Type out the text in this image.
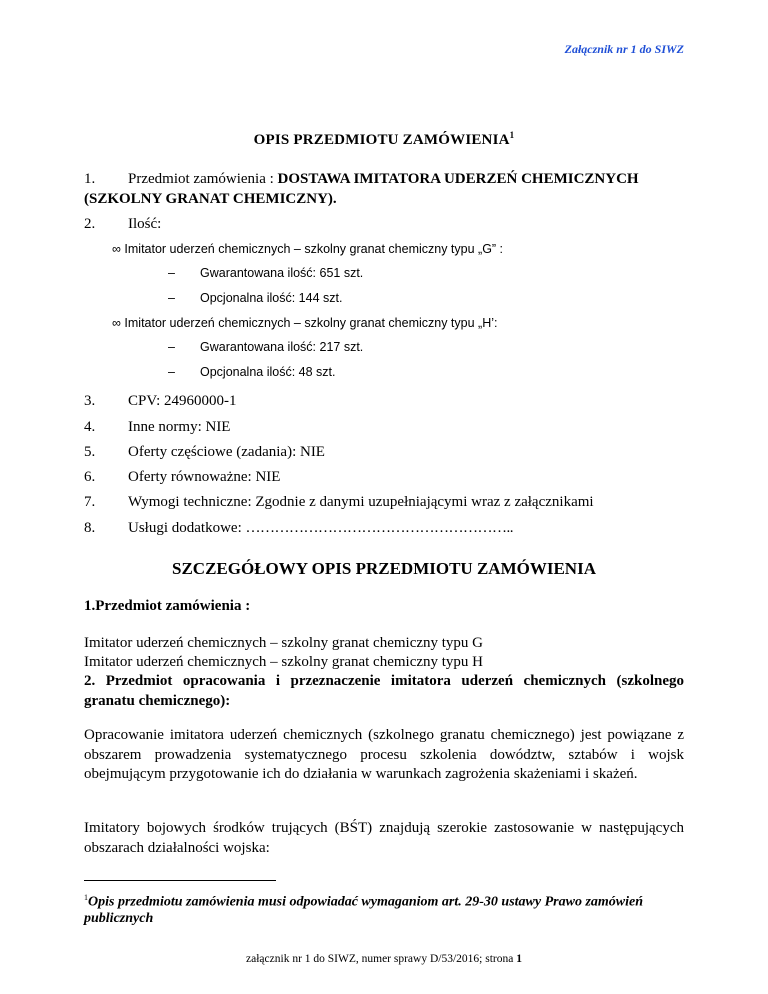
Załącznik nr 1 do SIWZ
OPIS PRZEDMIOTU ZAMÓWIENIA$^1$
1. Przedmiot zamówienia : DOSTAWA IMITATORA UDERZEŃ CHEMICZNYCH
(SZKOLNY GRANAT CHEMICZNY).
2. Ilość:
∞ Imitator uderzeń chemicznych – szkolny granat chemiczny typu „G” :
– Gwarantowana ilość: 651 szt.
– Opcjonalna ilość: 144 szt.
∞ Imitator uderzeń chemicznych – szkolny granat chemiczny typu „H’:
– Gwarantowana ilość: 217 szt.
– Opcjonalna ilość: 48 szt.
3. CPV: 24960000-1
4. Inne normy: NIE
5. Oferty częściowe (zadania): NIE
6. Oferty równoważne: NIE
7. Wymogi techniczne: Zgodnie z danymi uzupełniającymi wraz z załącznikami
8. Usługi dodatkowe: ………………………………………………..
SZCZEGÓŁOWY OPIS PRZEDMIOTU ZAMÓWIENIA
1.Przedmiot zamówienia :
Imitator uderzeń chemicznych – szkolny granat chemiczny typu G
Imitator uderzeń chemicznych – szkolny granat chemiczny typu H
2. Przedmiot opracowania i przeznaczenie imitatora uderzeń chemicznych (szkolnego granatu chemicznego):
Opracowanie imitatora uderzeń chemicznych (szkolnego granatu chemicznego) jest powiązane z obszarem prowadzenia systematycznego procesu szkolenia dowództw, sztabów i wojsk obejmującym przygotowanie ich do działania w warunkach zagrożenia skażeniami i skażeń.
Imitatory bojowych środków trujących (BŚT) znajdują szerokie zastosowanie w następujących obszarach działalności wojska:
$^1$Opis przedmiotu zamówienia musi odpowiadać wymaganiom art. 29-30 ustawy Prawo zamówień publicznych
załącznik nr 1 do SIWZ, numer sprawy D/53/2016; strona 1
